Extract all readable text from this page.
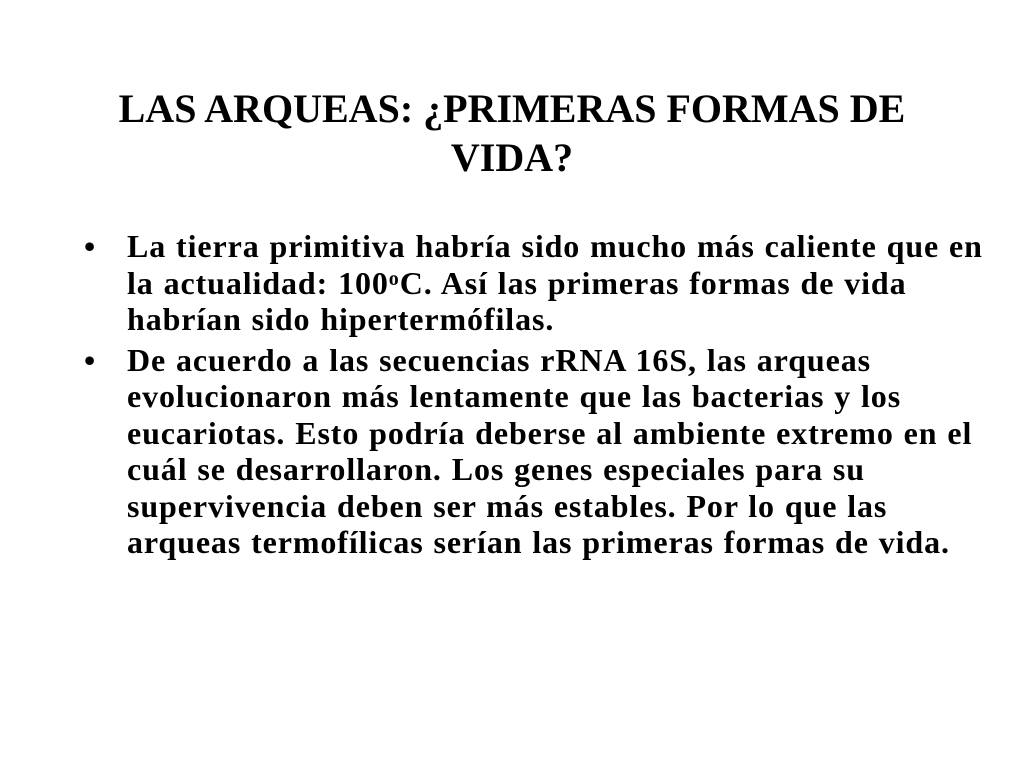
LAS ARQUEAS: ¿PRIMERAS FORMAS DE VIDA?
• La tierra primitiva habría sido mucho más caliente que en la actualidad: 100$^o$C. Así las primeras formas de vida habrían sido hipertermófilas.
• De acuerdo a las secuencias rRNA 16S, las arqueas evolucionaron más lentamente que las bacterias y los eucariotas. Esto podría deberse al ambiente extremo en el cuál se desarrollaron. Los genes especiales para su supervivencia deben ser más estables. Por lo que las arqueas termofílicas serían las primeras formas de vida.
